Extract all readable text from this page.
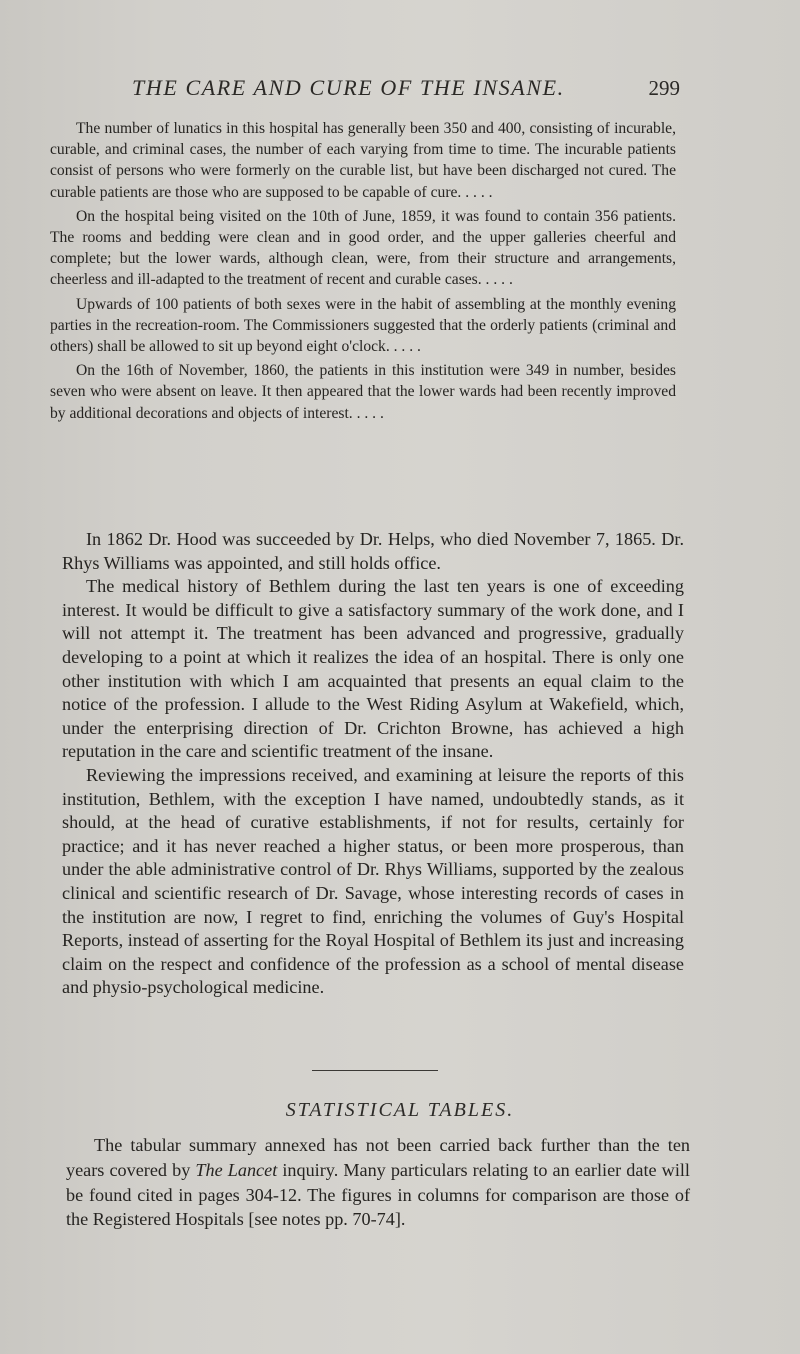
THE CARE AND CURE OF THE INSANE.	299

The number of lunatics in this hospital has generally been 350 and 400, consisting of incurable, curable, and criminal cases, the number of each varying from time to time. The incurable patients consist of persons who were formerly on the curable list, but have been discharged not cured. The curable patients are those who are supposed to be capable of cure. . . . .

On the hospital being visited on the 10th of June, 1859, it was found to contain 356 patients. The rooms and bedding were clean and in good order, and the upper galleries cheerful and complete; but the lower wards, although clean, were, from their structure and arrangements, cheerless and ill-adapted to the treatment of recent and curable cases. . . . .

Upwards of 100 patients of both sexes were in the habit of assembling at the monthly evening parties in the recreation-room. The Commissioners suggested that the orderly patients (criminal and others) shall be allowed to sit up beyond eight o'clock. . . . .

On the 16th of November, 1860, the patients in this institution were 349 in number, besides seven who were absent on leave. It then appeared that the lower wards had been recently improved by additional decorations and objects of interest. . . . .

In 1862 Dr. Hood was succeeded by Dr. Helps, who died November 7, 1865. Dr. Rhys Williams was appointed, and still holds office.

The medical history of Bethlem during the last ten years is one of exceeding interest. It would be difficult to give a satisfactory summary of the work done, and I will not attempt it. The treatment has been advanced and progressive, gradually developing to a point at which it realizes the idea of an hospital. There is only one other institution with which I am acquainted that presents an equal claim to the notice of the profession. I allude to the West Riding Asylum at Wakefield, which, under the enterprising direction of Dr. Crichton Browne, has achieved a high reputation in the care and scientific treatment of the insane.

Reviewing the impressions received, and examining at leisure the reports of this institution, Bethlem, with the exception I have named, undoubtedly stands, as it should, at the head of curative establishments, if not for results, certainly for practice; and it has never reached a higher status, or been more prosperous, than under the able administrative control of Dr. Rhys Williams, supported by the zealous clinical and scientific research of Dr. Savage, whose interesting records of cases in the institution are now, I regret to find, enriching the volumes of Guy's Hospital Reports, instead of asserting for the Royal Hospital of Bethlem its just and increasing claim on the respect and confidence of the profession as a school of mental disease and physio-psychological medicine.

STATISTICAL TABLES.

The tabular summary annexed has not been carried back further than the ten years covered by The Lancet inquiry. Many particulars relating to an earlier date will be found cited in pages 304-12. The figures in columns for comparison are those of the Registered Hospitals [see notes pp. 70-74].
